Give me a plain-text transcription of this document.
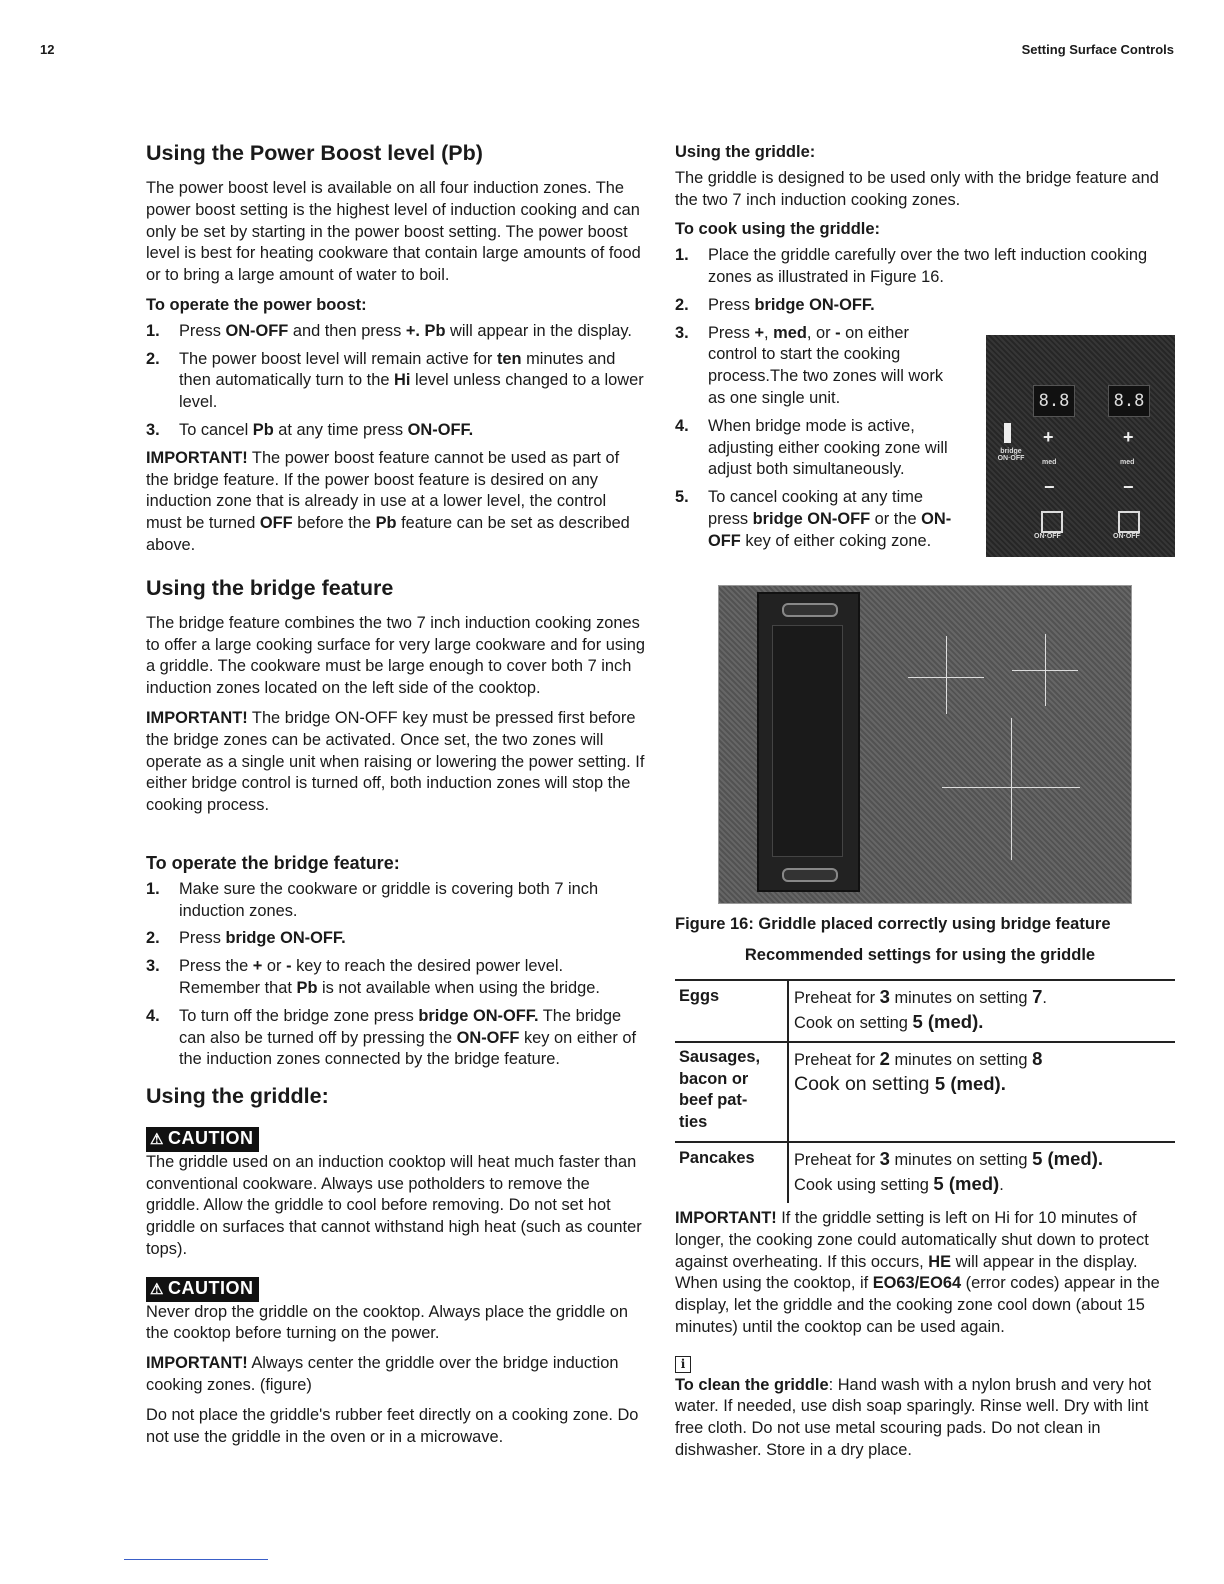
12	Setting Surface Controls
Using the Power Boost level (Pb)

The power boost level is available on all four induction zones. The power boost setting is the highest level of induction cooking and can only be set by starting in the power boost setting. The power boost level is best for heating cookware that contain large amounts of food or to bring a large amount of water to boil.

To operate the power boost:
1. Press ON-OFF and then press +. Pb will appear in the display.
2. The power boost level will remain active for ten minutes and then automatically turn to the Hi level unless changed to a lower level.
3. To cancel Pb at any time press ON-OFF.

IMPORTANT! The power boost feature cannot be used as part of the bridge feature. If the power boost feature is desired on any induction zone that is already in use at a lower level, the control must be turned OFF before the Pb feature can be set as described above.

Using the bridge feature

The bridge feature combines the two 7 inch induction cooking zones to offer a large cooking surface for very large cookware and for using a griddle. The cookware must be large enough to cover both 7 inch induction zones located on the left side of the cooktop.

IMPORTANT! The bridge ON-OFF key must be pressed first before the bridge zones can be activated. Once set, the two zones will operate as a single unit when raising or lowering the power setting. If either bridge control is turned off, both induction zones will stop the cooking process.

To operate the bridge feature:
1. Make sure the cookware or griddle is covering both 7 inch induction zones.
2. Press bridge ON-OFF.
3. Press the + or - key to reach the desired power level. Remember that Pb is not available when using the bridge.
4. To turn off the bridge zone press bridge ON-OFF. The bridge can also be turned off by pressing the ON-OFF key on either of the induction zones connected by the bridge feature.
Using the griddle:
⚠ CAUTION

The griddle used on an induction cooktop will heat much faster than conventional cookware. Always use potholders to remove the griddle. Allow the griddle to cool before removing. Do not set hot griddle on surfaces that cannot withstand high heat (such as counter tops).

⚠ CAUTION

Never drop the griddle on the cooktop. Always place the griddle on the cooktop before turning on the power.

IMPORTANT! Always center the griddle over the bridge induction cooking zones. (figure)

Do not place the griddle's rubber feet directly on a cooking zone. Do not use the griddle in the oven or in a microwave.

Using the griddle:

The griddle is designed to be used only with the bridge feature and the two 7 inch induction cooking zones.

To cook using the griddle:
1. Place the griddle carefully over the two left induction cooking zones as illustrated in Figure 16.
2. Press bridge ON-OFF.
3. Press +, med, or - on either control to start the cooking process.The two zones will work as one single unit.
4. When bridge mode is active, adjusting either cooking zone will adjust both simultaneously.
5. To cancel cooking at any time press bridge ON-OFF or the ON-OFF key of either coking zone.
8.8	8.8
bridge ON·OFF
+	+
med	med
−	−
ON·OFF	ON·OFF
Figure 16: Griddle placed correctly using bridge feature
Recommended settings for using the griddle
Eggs	Preheat for 3 minutes on setting 7.
Cook on setting 5 (med).
Sausages, bacon or beef pat-ties	Preheat for 2 minutes on setting 8
Cook on setting 5 (med).
Pancakes	Preheat for 3 minutes on setting 5 (med).
Cook using setting 5 (med).

IMPORTANT! If the griddle setting is left on Hi for 10 minutes of longer, the cooking zone could automatically shut down to protect against overheating. If this occurs, HE will appear in the display. When using the cooktop, if EO63/EO64 (error codes) appear in the display, let the griddle and the cooking zone cool down (about 15 minutes) until the cooktop can be used again.

i

To clean the griddle: Hand wash with a nylon brush and very hot water. If needed, use dish soap sparingly. Rinse well. Dry with lint free cloth. Do not use metal scouring pads. Do not clean in dishwasher. Store in a dry place.
